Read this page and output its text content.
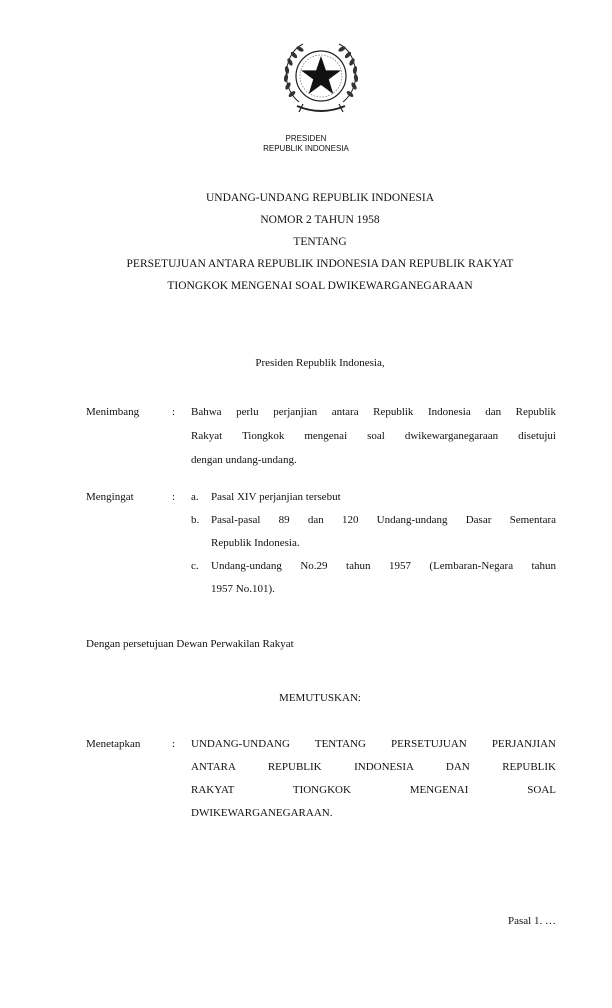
PRESIDEN
REPUBLIK INDONESIA
UNDANG-UNDANG REPUBLIK INDONESIA
NOMOR 2 TAHUN 1958
TENTANG
PERSETUJUAN ANTARA REPUBLIK INDONESIA DAN REPUBLIK RAKYAT
TIONGKOK MENGENAI SOAL DWIKEWARGANEGARAAN
Presiden Republik Indonesia,
Menimbang	: Bahwa perlu perjanjian antara Republik Indonesia dan Republik
Rakyat Tiongkok mengenai soal dwikewarganegaraan disetujui
dengan undang-undang.
Mengingat	: a. Pasal XIV perjanjian tersebut
b. Pasal-pasal 89 dan 120 Undang-undang Dasar Sementara
Republik Indonesia.
c. Undang-undang No.29 tahun 1957 (Lembaran-Negara tahun
1957 No.101).
Dengan persetujuan Dewan Perwakilan Rakyat
MEMUTUSKAN:
Menetapkan	: UNDANG-UNDANG TENTANG PERSETUJUAN PERJANJIAN
ANTARA REPUBLIK INDONESIA DAN REPUBLIK
RAKYAT TIONGKOK MENGENAI SOAL
DWIKEWARGANEGARAAN.
Pasal 1. …
